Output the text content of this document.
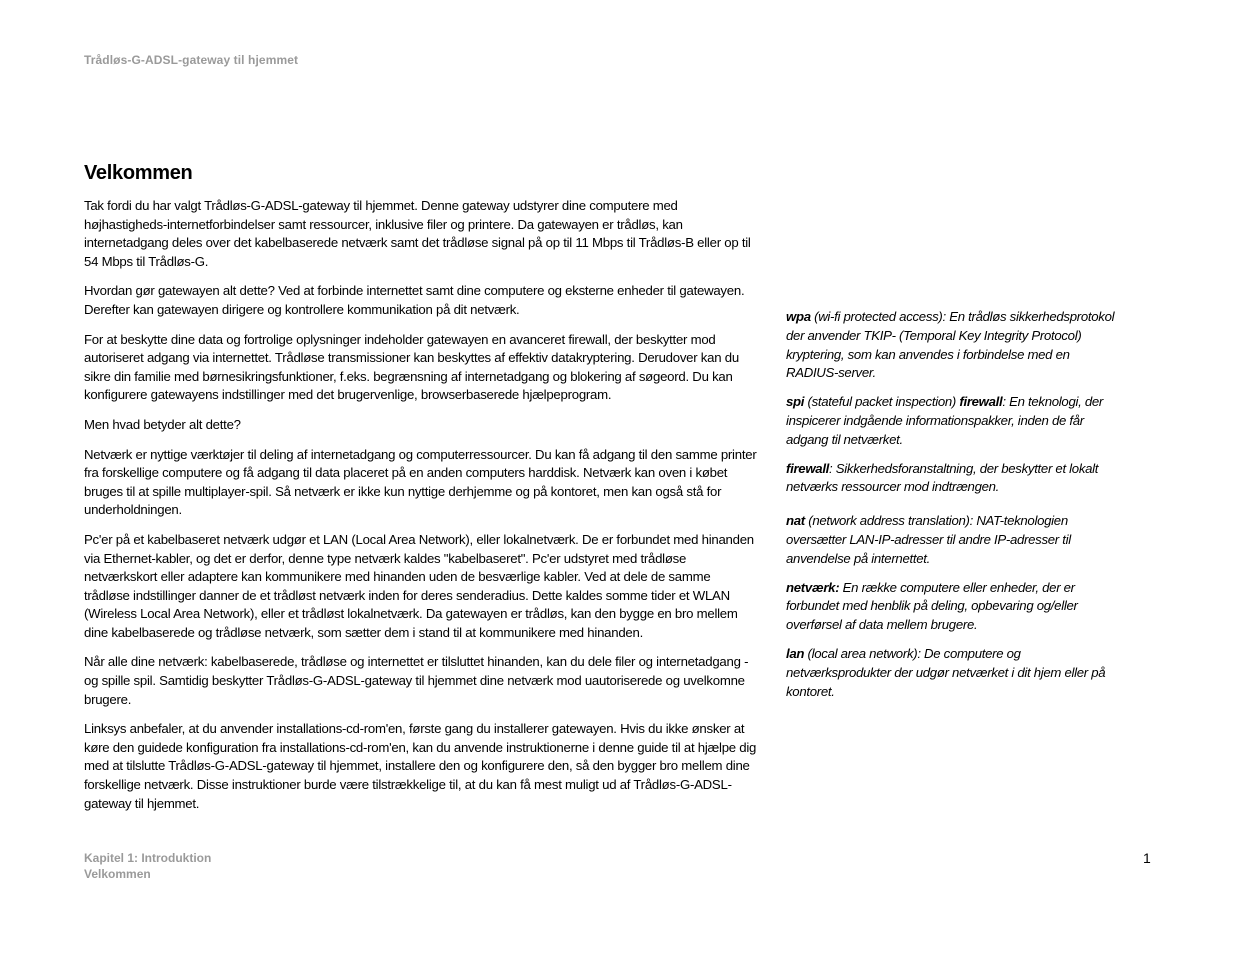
Trådløs-G-ADSL-gateway til hjemmet
Velkommen

Tak fordi du har valgt Trådløs-G-ADSL-gateway til hjemmet. Denne gateway udstyrer dine computere med højhastigheds-internetforbindelser samt ressourcer, inklusive filer og printere. Da gatewayen er trådløs, kan internetadgang deles over det kabelbaserede netværk samt det trådløse signal på op til 11 Mbps til Trådløs-B eller op til 54 Mbps til Trådløs-G.

Hvordan gør gatewayen alt dette? Ved at forbinde internettet samt dine computere og eksterne enheder til gatewayen. Derefter kan gatewayen dirigere og kontrollere kommunikation på dit netværk.

For at beskytte dine data og fortrolige oplysninger indeholder gatewayen en avanceret firewall, der beskytter mod autoriseret adgang via internettet. Trådløse transmissioner kan beskyttes af effektiv datakryptering. Derudover kan du sikre din familie med børnesikringsfunktioner, f.eks. begrænsning af internetadgang og blokering af søgeord. Du kan konfigurere gatewayens indstillinger med det brugervenlige, browserbaserede hjælpeprogram.

Men hvad betyder alt dette?

Netværk er nyttige værktøjer til deling af internetadgang og computerressourcer. Du kan få adgang til den samme printer fra forskellige computere og få adgang til data placeret på en anden computers harddisk. Netværk kan oven i købet bruges til at spille multiplayer-spil. Så netværk er ikke kun nyttige derhjemme og på kontoret, men kan også stå for underholdningen.

Pc'er på et kabelbaseret netværk udgør et LAN (Local Area Network), eller lokalnetværk. De er forbundet med hinanden via Ethernet-kabler, og det er derfor, denne type netværk kaldes "kabelbaseret". Pc'er udstyret med trådløse netværkskort eller adaptere kan kommunikere med hinanden uden de besværlige kabler. Ved at dele de samme trådløse indstillinger danner de et trådløst netværk inden for deres senderadius. Dette kaldes somme tider et WLAN (Wireless Local Area Network), eller et trådløst lokalnetværk. Da gatewayen er trådløs, kan den bygge en bro mellem dine kabelbaserede og trådløse netværk, som sætter dem i stand til at kommunikere med hinanden.

Når alle dine netværk: kabelbaserede, trådløse og internettet er tilsluttet hinanden, kan du dele filer og internetadgang - og spille spil. Samtidig beskytter Trådløs-G-ADSL-gateway til hjemmet dine netværk mod uautoriserede og uvelkomne brugere.

Linksys anbefaler, at du anvender installations-cd-rom'en, første gang du installerer gatewayen. Hvis du ikke ønsker at køre den guidede konfiguration fra installations-cd-rom'en, kan du anvende instruktionerne i denne guide til at hjælpe dig med at tilslutte Trådløs-G-ADSL-gateway til hjemmet, installere den og konfigurere den, så den bygger bro mellem dine forskellige netværk. Disse instruktioner burde være tilstrækkelige til, at du kan få mest muligt ud af Trådløs-G-ADSL-gateway til hjemmet.

wpa (wi-fi protected access): En trådløs sikkerhedsprotokol der anvender TKIP- (Temporal Key Integrity Protocol) kryptering, som kan anvendes i forbindelse med en RADIUS-server.

spi (stateful packet inspection) firewall: En teknologi, der inspicerer indgående informationspakker, inden de får adgang til netværket.

firewall: Sikkerhedsforanstaltning, der beskytter et lokalt netværks ressourcer mod indtrængen.

nat (network address translation): NAT-teknologien oversætter LAN-IP-adresser til andre IP-adresser til anvendelse på internettet.

netværk: En række computere eller enheder, der er forbundet med henblik på deling, opbevaring og/eller overførsel af data mellem brugere.

lan (local area network): De computere og netværksprodukter der udgør netværket i dit hjem eller på kontoret.

Kapitel 1: Introduktion
Velkommen
1
